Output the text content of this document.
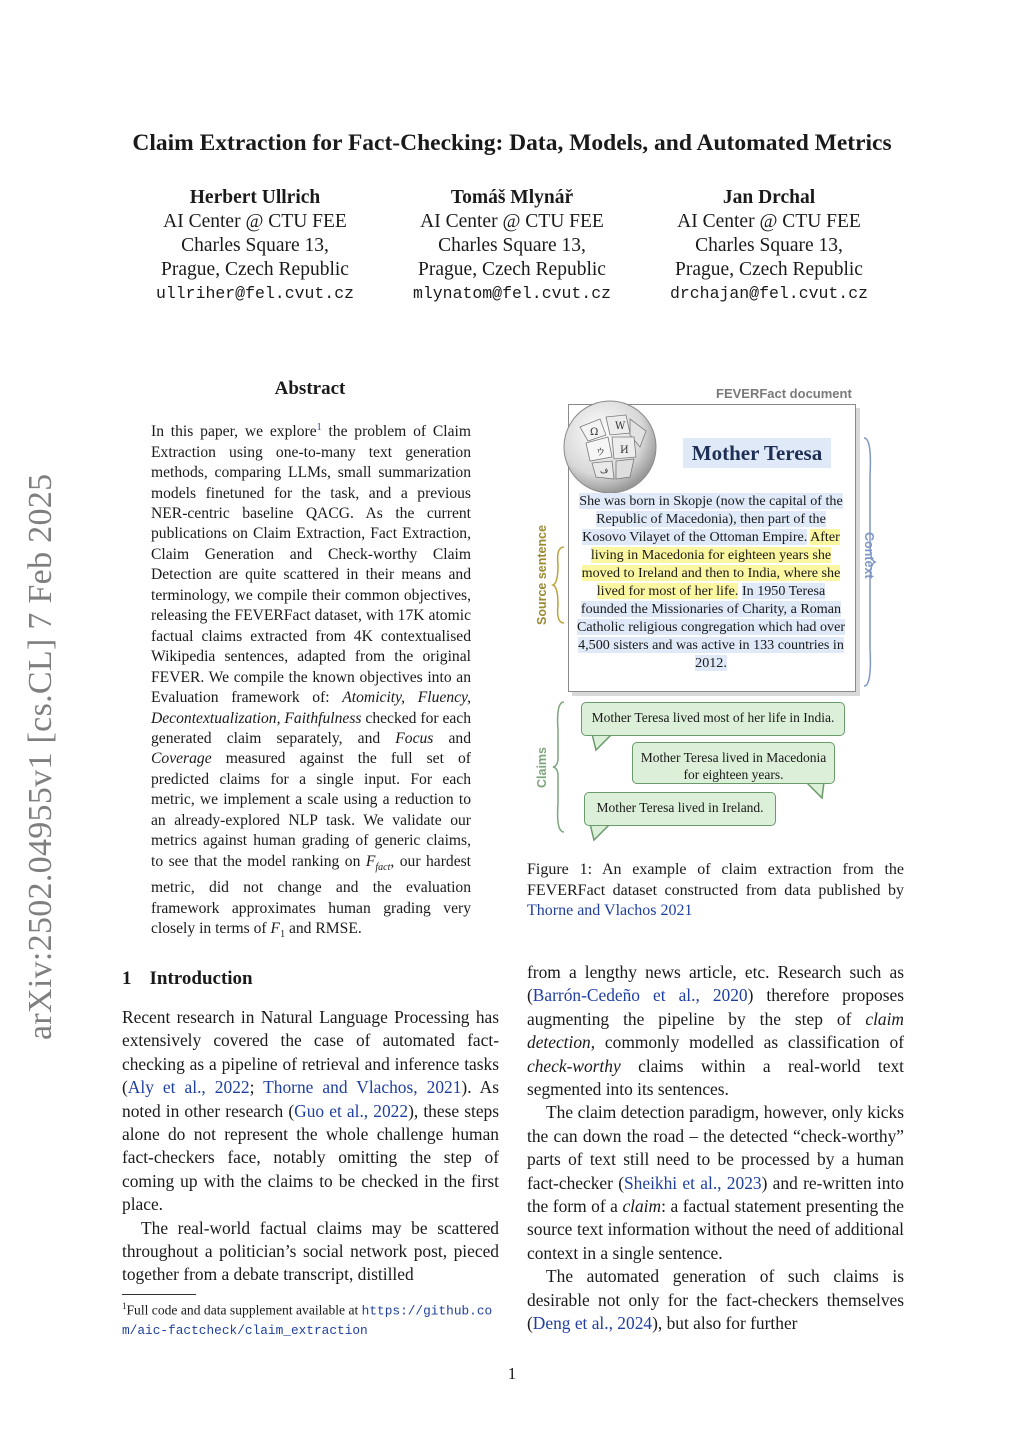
Claim Extraction for Fact-Checking: Data, Models, and Automated Metrics
Herbert Ullrich
AI Center @ CTU FEE
Charles Square 13,
Prague, Czech Republic
ullriher@fel.cvut.cz
Tomáš Mlynář
AI Center @ CTU FEE
Charles Square 13,
Prague, Czech Republic
mlynatom@fel.cvut.cz
Jan Drchal
AI Center @ CTU FEE
Charles Square 13,
Prague, Czech Republic
drchajan@fel.cvut.cz
arXiv:2502.04955v1 [cs.CL] 7 Feb 2025
Abstract
In this paper, we explore$^1$ the problem of Claim Extraction using one-to-many text generation methods, comparing LLMs, small summarization models finetuned for the task, and a previous NER-centric baseline QACG. As the current publications on Claim Extraction, Fact Extraction, Claim Generation and Check-worthy Claim Detection are quite scattered in their means and terminology, we compile their common objectives, releasing the FEVERFact dataset, with 17K atomic factual claims extracted from 4K contextualised Wikipedia sentences, adapted from the original FEVER. We compile the known objectives into an Evaluation framework of: Atomicity, Fluency, Decontextualization, Faithfulness checked for each generated claim separately, and Focus and Coverage measured against the full set of predicted claims for a single input. For each metric, we implement a scale using a reduction to an already-explored NLP task. We validate our metrics against human grading of generic claims, to see that the model ranking on $F_{fact}$, our hardest metric, did not change and the evaluation framework approximates human grading very closely in terms of $F_1$ and RMSE.
FEVERFact document
Ω
W
И
ウ
ف
Mother Teresa
She was born in Skopje (now the capital of the Republic of Macedonia), then part of the Kosovo Vilayet of the Ottoman Empire. After living in Macedonia for eighteen years she moved to Ireland and then to India, where she lived for most of her life. In 1950 Teresa founded the Missionaries of Charity, a Roman Catholic religious congregation which had over 4,500 sisters and was active in 133 countries in 2012.
Source sentence	Context
Claims
Mother Teresa lived most of her life in India.
Mother Teresa lived in Macedonia for eighteen years.
Mother Teresa lived in Ireland.
Figure 1: An example of claim extraction from the FEVERFact dataset constructed from data published by Thorne and Vlachos 2021
1 Introduction

Recent research in Natural Language Processing has extensively covered the case of automated fact-checking as a pipeline of retrieval and inference tasks (Aly et al., 2022; Thorne and Vlachos, 2021). As noted in other research (Guo et al., 2022), these steps alone do not represent the whole challenge human fact-checkers face, notably omitting the step of coming up with the claims to be checked in the first place.

The real-world factual claims may be scattered throughout a politician’s social network post, pieced together from a debate transcript, distilled

from a lengthy news article, etc. Research such as (Barrón-Cedeño et al., 2020) therefore proposes augmenting the pipeline by the step of claim detection, commonly modelled as classification of check-worthy claims within a real-world text segmented into its sentences.

The claim detection paradigm, however, only kicks the can down the road – the detected “check-worthy” parts of text still need to be processed by a human fact-checker (Sheikhi et al., 2023) and re-written into the form of a claim: a factual statement presenting the source text information without the need of additional context in a single sentence.

The automated generation of such claims is desirable not only for the fact-checkers themselves (Deng et al., 2024), but also for further

$^1$Full code and data supplement available at https://github.com/aic-factcheck/claim_extraction
1
